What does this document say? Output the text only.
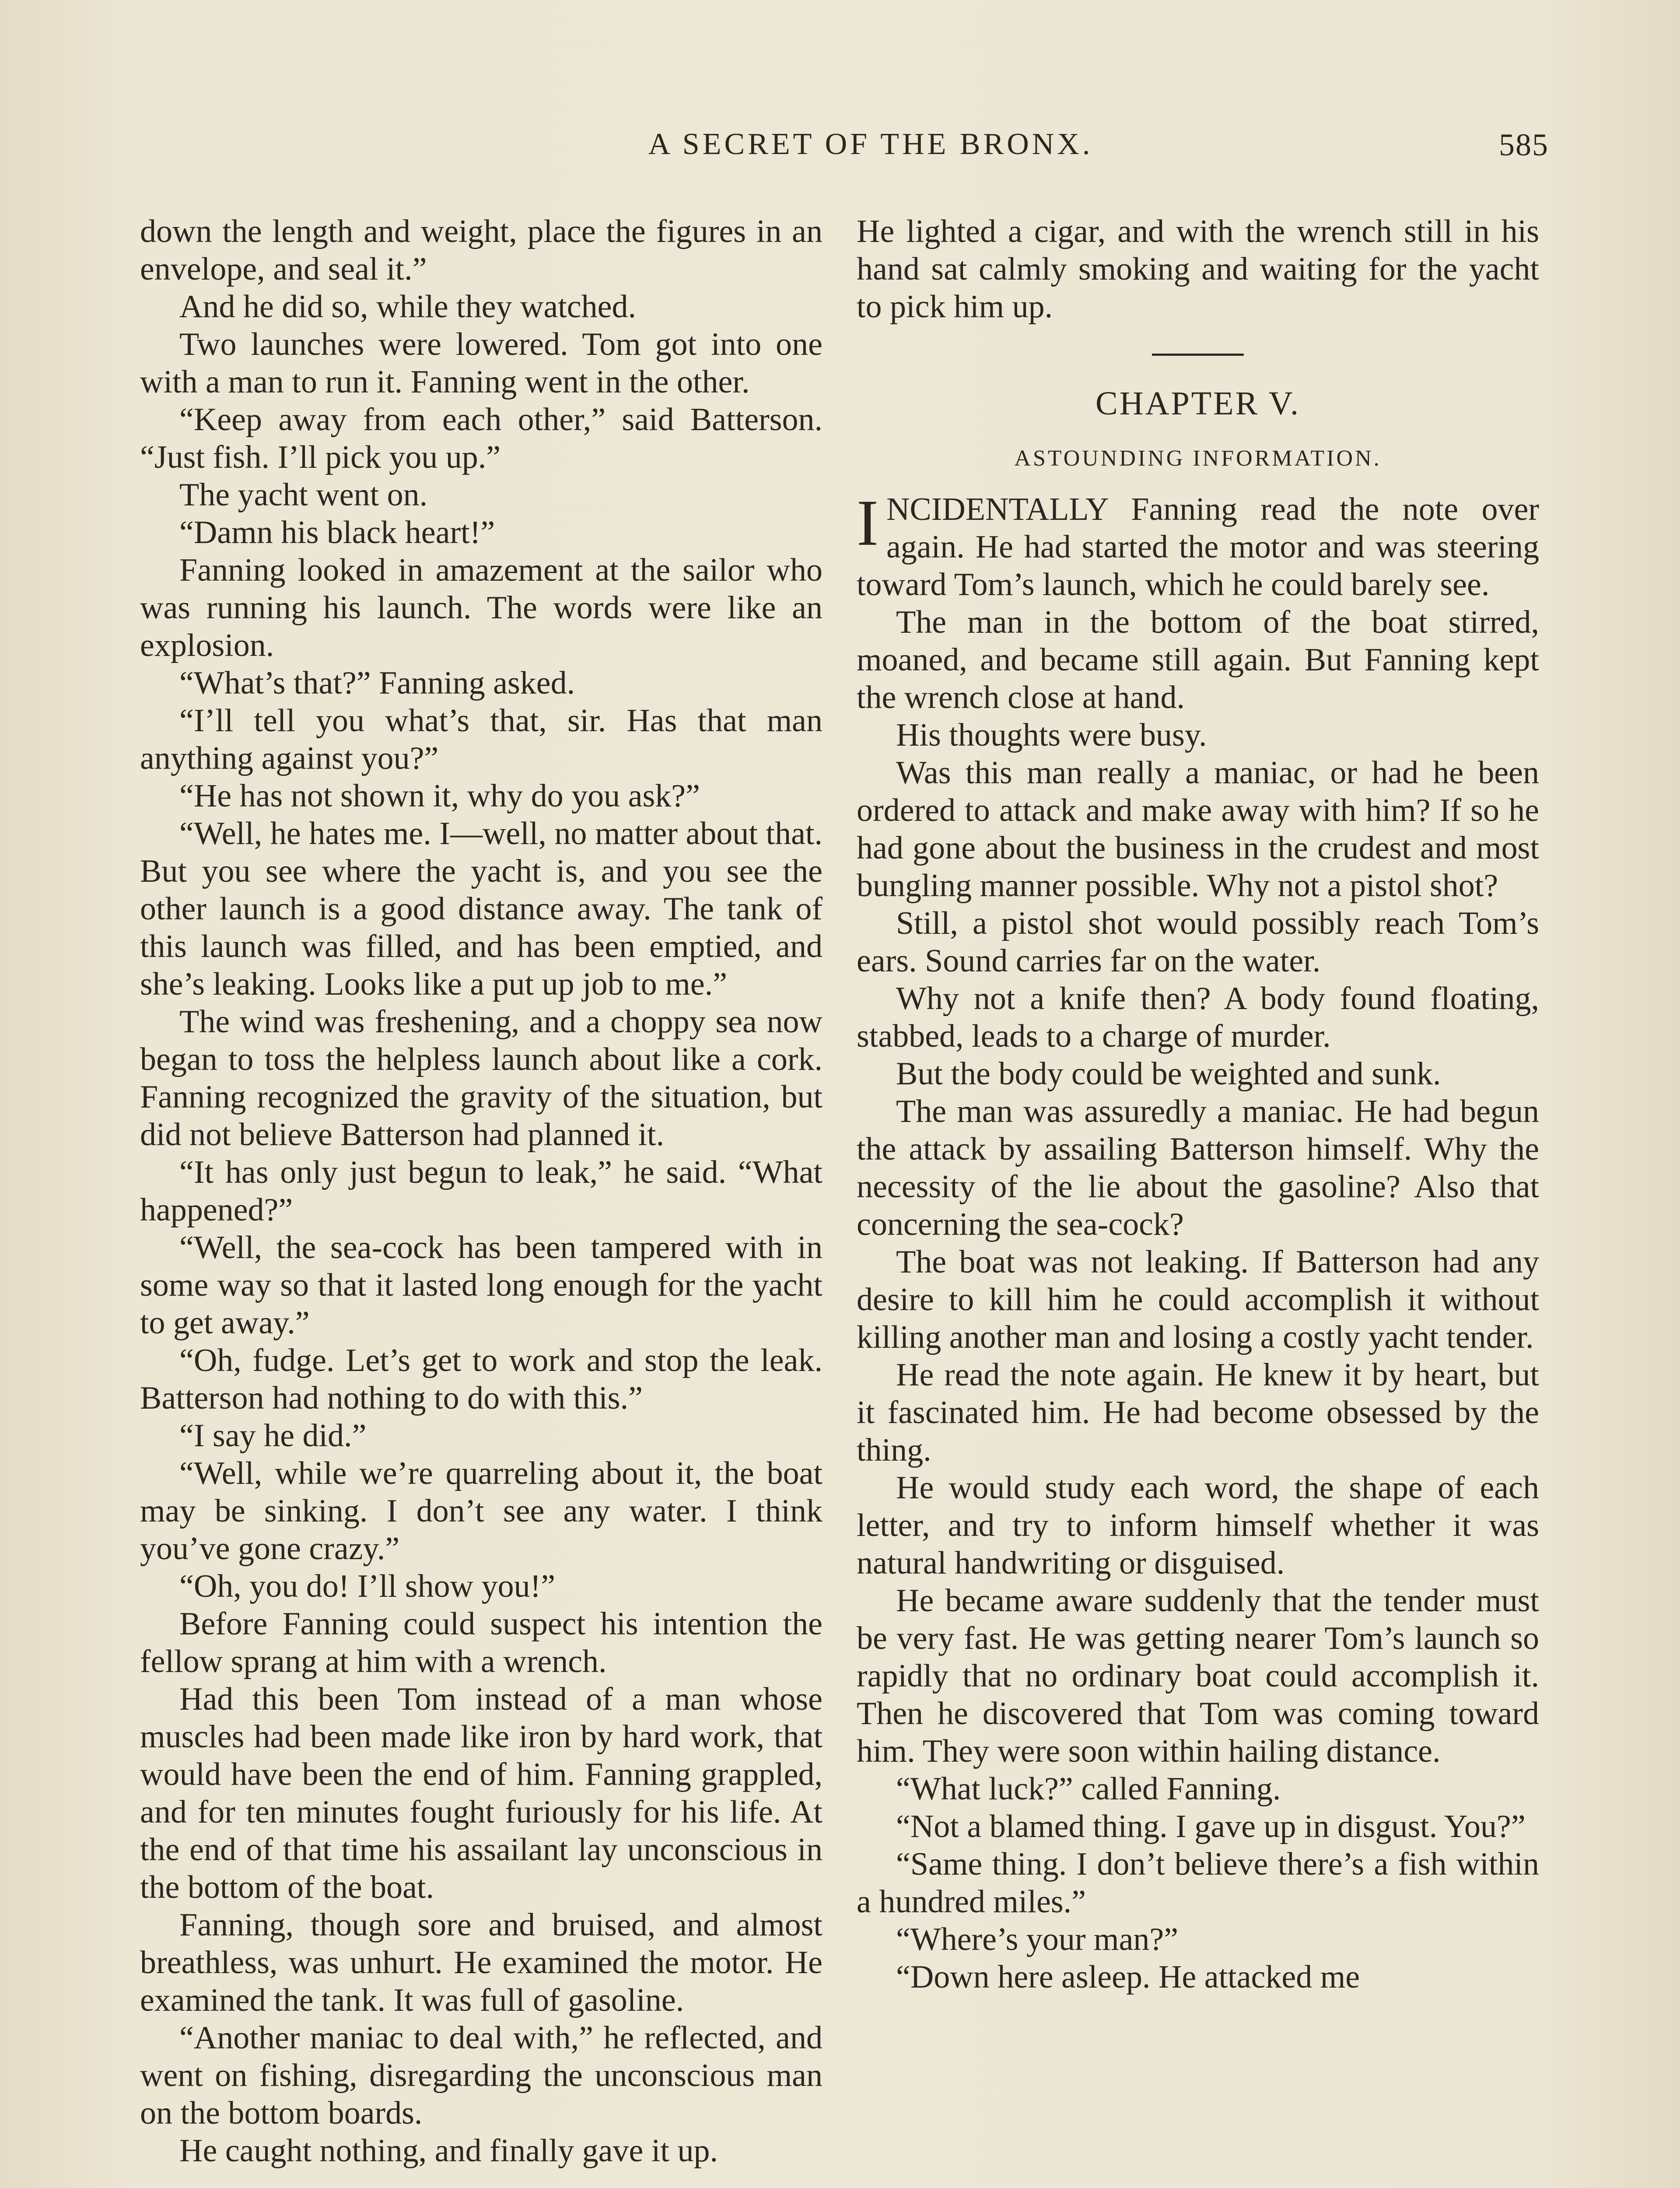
A SECRET OF THE BRONX.	585

down the length and weight, place the figures in an envelope, and seal it.”

And he did so, while they watched.

Two launches were lowered. Tom got into one with a man to run it. Fanning went in the other.

“Keep away from each other,” said Batterson. “Just fish. I’ll pick you up.”

The yacht went on.

“Damn his black heart!”

Fanning looked in amazement at the sailor who was running his launch. The words were like an explosion.

“What’s that?” Fanning asked.

“I’ll tell you what’s that, sir. Has that man anything against you?”

“He has not shown it, why do you ask?”

“Well, he hates me. I—well, no matter about that. But you see where the yacht is, and you see the other launch is a good distance away. The tank of this launch was filled, and has been emptied, and she’s leaking. Looks like a put up job to me.”

The wind was freshening, and a choppy sea now began to toss the helpless launch about like a cork. Fanning recognized the gravity of the situation, but did not believe Batterson had planned it.

“It has only just begun to leak,” he said. “What happened?”

“Well, the sea-cock has been tampered with in some way so that it lasted long enough for the yacht to get away.”

“Oh, fudge. Let’s get to work and stop the leak. Batterson had nothing to do with this.”

“I say he did.”

“Well, while we’re quarreling about it, the boat may be sinking. I don’t see any water. I think you’ve gone crazy.”

“Oh, you do! I’ll show you!”

Before Fanning could suspect his intention the fellow sprang at him with a wrench.

Had this been Tom instead of a man whose muscles had been made like iron by hard work, that would have been the end of him. Fanning grappled, and for ten minutes fought furiously for his life. At the end of that time his assailant lay unconscious in the bottom of the boat.

Fanning, though sore and bruised, and almost breathless, was unhurt. He examined the motor. He examined the tank. It was full of gasoline.

“Another maniac to deal with,” he reflected, and went on fishing, disregarding the unconscious man on the bottom boards.

He caught nothing, and finally gave it up.

He lighted a cigar, and with the wrench still in his hand sat calmly smoking and waiting for the yacht to pick him up.

CHAPTER V.
ASTOUNDING INFORMATION.

INCIDENTALLY Fanning read the note over again. He had started the motor and was steering toward Tom’s launch, which he could barely see.

The man in the bottom of the boat stirred, moaned, and became still again. But Fanning kept the wrench close at hand.

His thoughts were busy.

Was this man really a maniac, or had he been ordered to attack and make away with him? If so he had gone about the business in the crudest and most bungling manner possible. Why not a pistol shot?

Still, a pistol shot would possibly reach Tom’s ears. Sound carries far on the water.

Why not a knife then? A body found floating, stabbed, leads to a charge of murder.

But the body could be weighted and sunk.

The man was assuredly a maniac. He had begun the attack by assailing Batterson himself. Why the necessity of the lie about the gasoline? Also that concerning the sea-cock?

The boat was not leaking. If Batterson had any desire to kill him he could accomplish it without killing another man and losing a costly yacht tender.

He read the note again. He knew it by heart, but it fascinated him. He had become obsessed by the thing.

He would study each word, the shape of each letter, and try to inform himself whether it was natural handwriting or disguised.

He became aware suddenly that the tender must be very fast. He was getting nearer Tom’s launch so rapidly that no ordinary boat could accomplish it. Then he discovered that Tom was coming toward him. They were soon within hailing distance.

“What luck?” called Fanning.

“Not a blamed thing. I gave up in disgust. You?”

“Same thing. I don’t believe there’s a fish within a hundred miles.”

“Where’s your man?”

“Down here asleep. He attacked me
